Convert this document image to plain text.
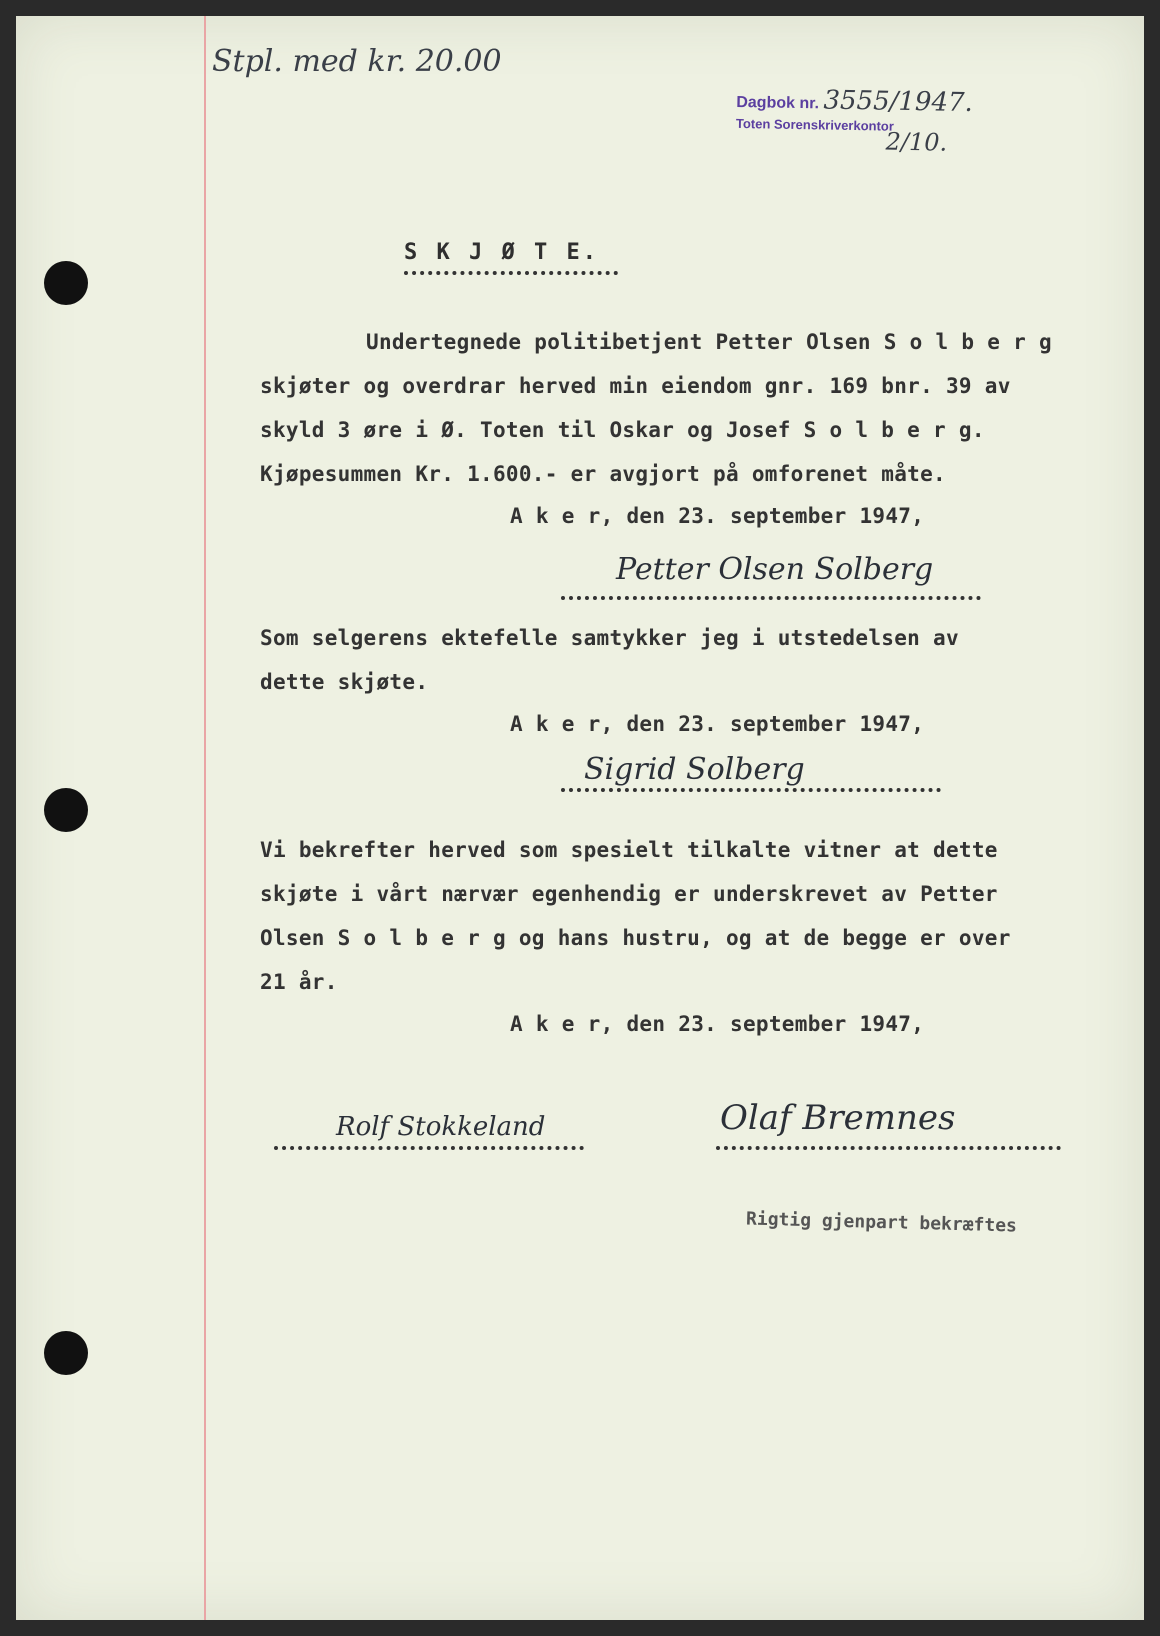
Stpl. med kr. 20.00
Dagbok nr. 3555/1947.
Toten Sorenskriverkontor
2/10.
S K J Ø T E.
Undertegnede politibetjent Petter Olsen S o l b e r g
skjøter og overdrar herved min eiendom gnr. 169 bnr. 39 av
skyld 3 øre i Ø. Toten til Oskar og Josef S o l b e r g.
Kjøpesummen Kr. 1.600.- er avgjort på omforenet måte.
A k e r, den 23. september 1947,
Petter Olsen Solberg
Som selgerens ektefelle samtykker jeg i utstedelsen av
dette skjøte.
A k e r, den 23. september 1947,
Sigrid Solberg
Vi bekrefter herved som spesielt tilkalte vitner at dette
skjøte i vårt nærvær egenhendig er underskrevet av Petter
Olsen S o l b e r g og hans hustru, og at de begge er over
21 år.
A k e r, den 23. september 1947,
Rolf Stokkeland	Olaf Bremnes
Rigtig gjenpart bekræftes
